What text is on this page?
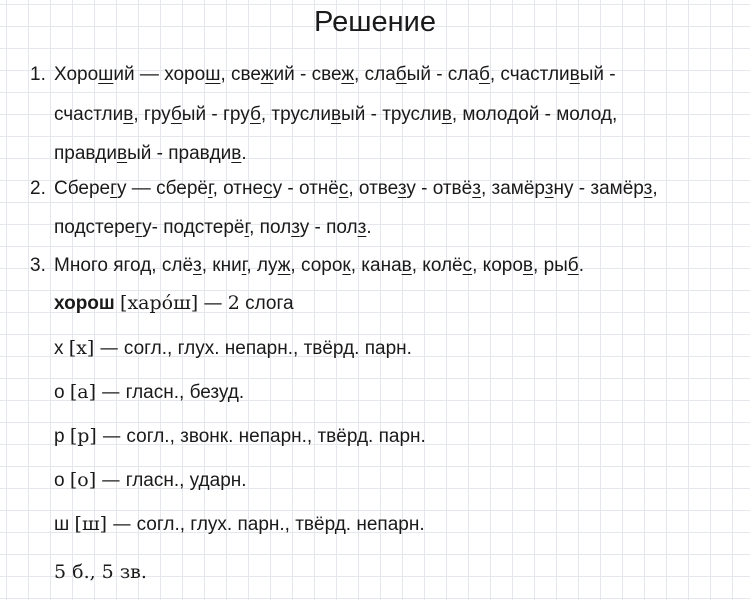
Решение
1. Хороший — хорош, свежий - свеж, слабый - слаб, счастливый -
счастлив, грубый - груб, трусливый - труслив, молодой - молод,
правдивый - правдив.
2. Сберегу — сберёг, отнесу - отнёс, отвезу - отвёз, замёрзну - замёрз,
подстерегу- подстерёг, ползу - полз.
3. Много ягод, слёз, книг, луж, сорок, канав, колёс, коров, рыб.
хорош [харо́ш] — 2 слога
х [х] — согл., глух. непарн., твёрд. парн.
о [а] — гласн., безуд.
р [р] — согл., звонк. непарн., твёрд. парн.
о [о] — гласн., ударн.
ш [ш] — согл., глух. парн., твёрд. непарн.
5 б., 5 зв.
